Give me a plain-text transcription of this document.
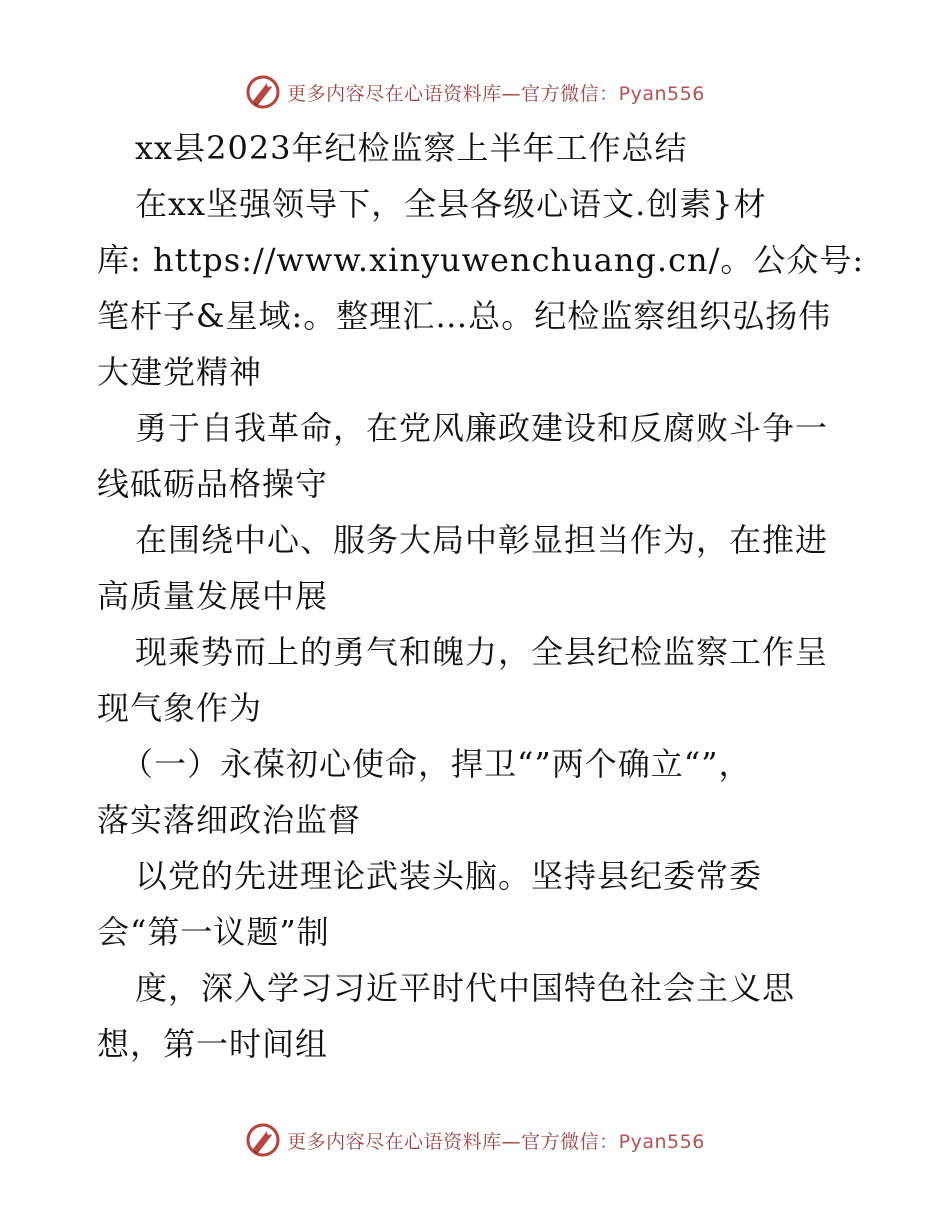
更多内容尽在心语资料库—官方微信：Pyan556
xx县2023年纪检监察上半年工作总结
在xx坚强领导下，全县各级心语文.创素}材
库: https://www.xinyuwenchuang.cn/。公众号:
笔杆子&星域:。整理汇…总。纪检监察组织弘扬伟
大建党精神
勇于自我革命，在党风廉政建设和反腐败斗争一
线砥砺品格操守
在围绕中心、服务大局中彰显担当作为，在推进
高质量发展中展
现乘势而上的勇气和魄力，全县纪检监察工作呈
现气象作为
（一）永葆初心使命，捍卫“”两个确立“”，
落实落细政治监督
以党的先进理论武装头脑。坚持县纪委常委
会“第一议题”制
度，深入学习习近平时代中国特色社会主义思
想，第一时间组
更多内容尽在心语资料库—官方微信：Pyan556
